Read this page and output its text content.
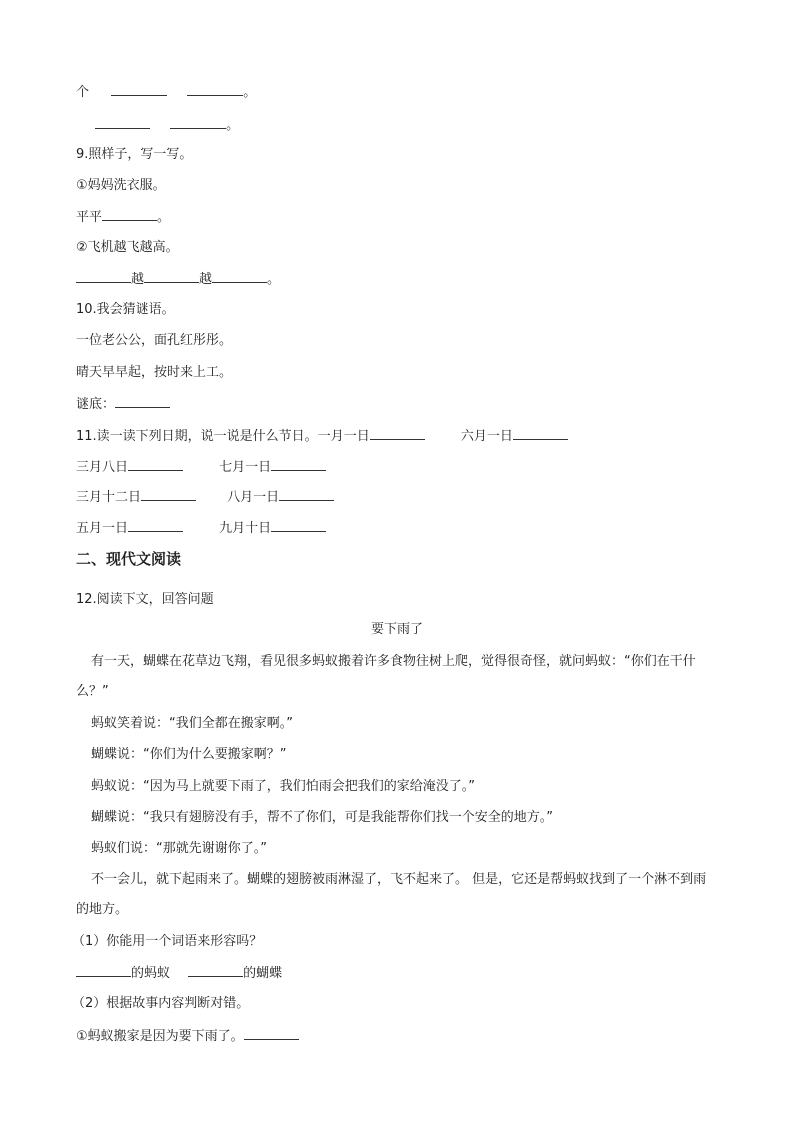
个	。
。
9.照样子，写一写。
①妈妈洗衣服。
平平	。
②飞机越飞越高。
越	越	。
10.我会猜谜语。
一位老公公，面孔红彤彤。
晴天早早起，按时来上工。
谜底：
11.读一读下列日期，说一说是什么节日。一月一日	六月一日
三月八日	七月一日
三月十二日	八月一日
五月一日	九月十日
二、现代文阅读
12.阅读下文，回答问题
要下雨了
有一天，蝴蝶在花草边飞翔，看见很多蚂蚁搬着许多食物往树上爬，觉得很奇怪，就问蚂蚁：“你们在干什么？”
蚂蚁笑着说：“我们全都在搬家啊。”
蝴蝶说：“你们为什么要搬家啊？”
蚂蚁说：“因为马上就要下雨了，我们怕雨会把我们的家给淹没了。”
蝴蝶说：“我只有翅膀没有手，帮不了你们，可是我能帮你们找一个安全的地方。”
蚂蚁们说：“那就先谢谢你了。”
不一会儿，就下起雨来了。蝴蝶的翅膀被雨淋湿了，飞不起来了。 但是，它还是帮蚂蚁找到了一个淋不到雨的地方。
（1）你能用一个词语来形容吗？
的蚂蚁	的蝴蝶
（2）根据故事内容判断对错。
①蚂蚁搬家是因为要下雨了。
